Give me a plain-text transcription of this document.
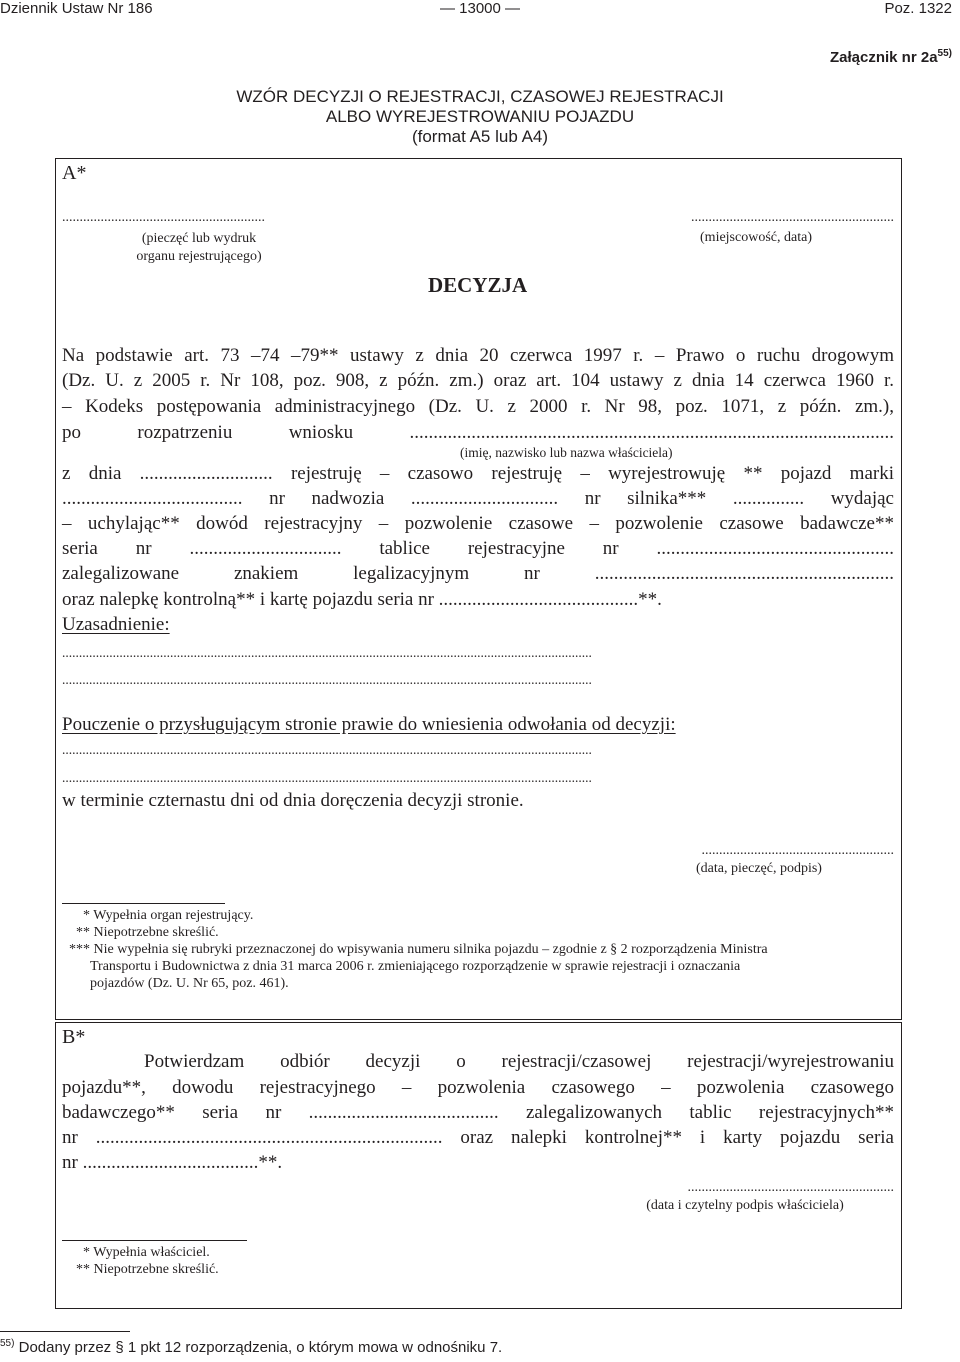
Dziennik Ustaw Nr 186	— 13000 —	Poz. 1322
Załącznik nr $2a^{55)}$
WZÓR DECYZJI O REJESTRACJI, CZASOWEJ REJESTRACJI
ALBO WYREJESTROWANIU POJAZDU
(format A5 lub A4)
A*
..........................................................
(pieczęć lub wydruk
organu rejestrującego)
..........................................................
(miejscowość, data)
DECYZJA
Na podstawie art. 73 –74 –79** ustawy z dnia 20 czerwca 1997 r. – Prawo o ruchu drogowym
(Dz. U. z 2005 r. Nr 108, poz. 908, z późn. zm.) oraz art. 104 ustawy z dnia 14 czerwca 1960 r.
– Kodeks postępowania administracyjnego (Dz. U. z 2000 r. Nr 98, poz. 1071, z późn. zm.),
po rozpatrzeniu wniosku ......................................................................................................
(imię, nazwisko lub nazwa właściciela)
z dnia ............................ rejestruję – czasowo rejestruję – wyrejestrowuję ** pojazd marki
...................................... nr nadwozia ............................... nr silnika*** ............... wydając
– uchylając** dowód rejestracyjny – pozwolenie czasowe – pozwolenie czasowe badawcze**
seria nr ................................ tablice rejestracyjne nr ..................................................
zalegalizowane znakiem legalizacyjnym nr ...............................................................
oraz nalepkę kontrolną** i kartę pojazdu seria nr ..........................................**.
Uzasadnienie:
.............................................................................................................................................................
.............................................................................................................................................................
Pouczenie o przysługującym stronie prawie do wniesienia odwołania od decyzji:
.............................................................................................................................................................
.............................................................................................................................................................
w terminie czternastu dni od dnia doręczenia decyzji stronie.
.......................................................
(data, pieczęć, podpis)
* Wypełnia organ rejestrujący.
** Niepotrzebne skreślić.
*** Nie wypełnia się rubryki przeznaczonej do wpisywania numeru silnika pojazdu – zgodnie z § 2 rozporządzenia Ministra
Transportu i Budownictwa z dnia 31 marca 2006 r. zmieniającego rozporządzenie w sprawie rejestracji i oznaczania
pojazdów (Dz. U. Nr 65, poz. 461).
B*
Potwierdzam odbiór decyzji o rejestracji/czasowej rejestracji/wyrejestrowaniu
pojazdu**, dowodu rejestracyjnego – pozwolenia czasowego – pozwolenia czasowego
badawczego** seria nr ........................................ zalegalizowanych tablic rejestracyjnych**
nr ......................................................................... oraz nalepki kontrolnej** i karty pojazdu seria
nr .....................................**.
...........................................................
(data i czytelny podpis właściciela)
* Wypełnia właściciel.
** Niepotrzebne skreślić.
$^{55)}$ Dodany przez § 1 pkt 12 rozporządzenia, o którym mowa w odnośniku 7.
